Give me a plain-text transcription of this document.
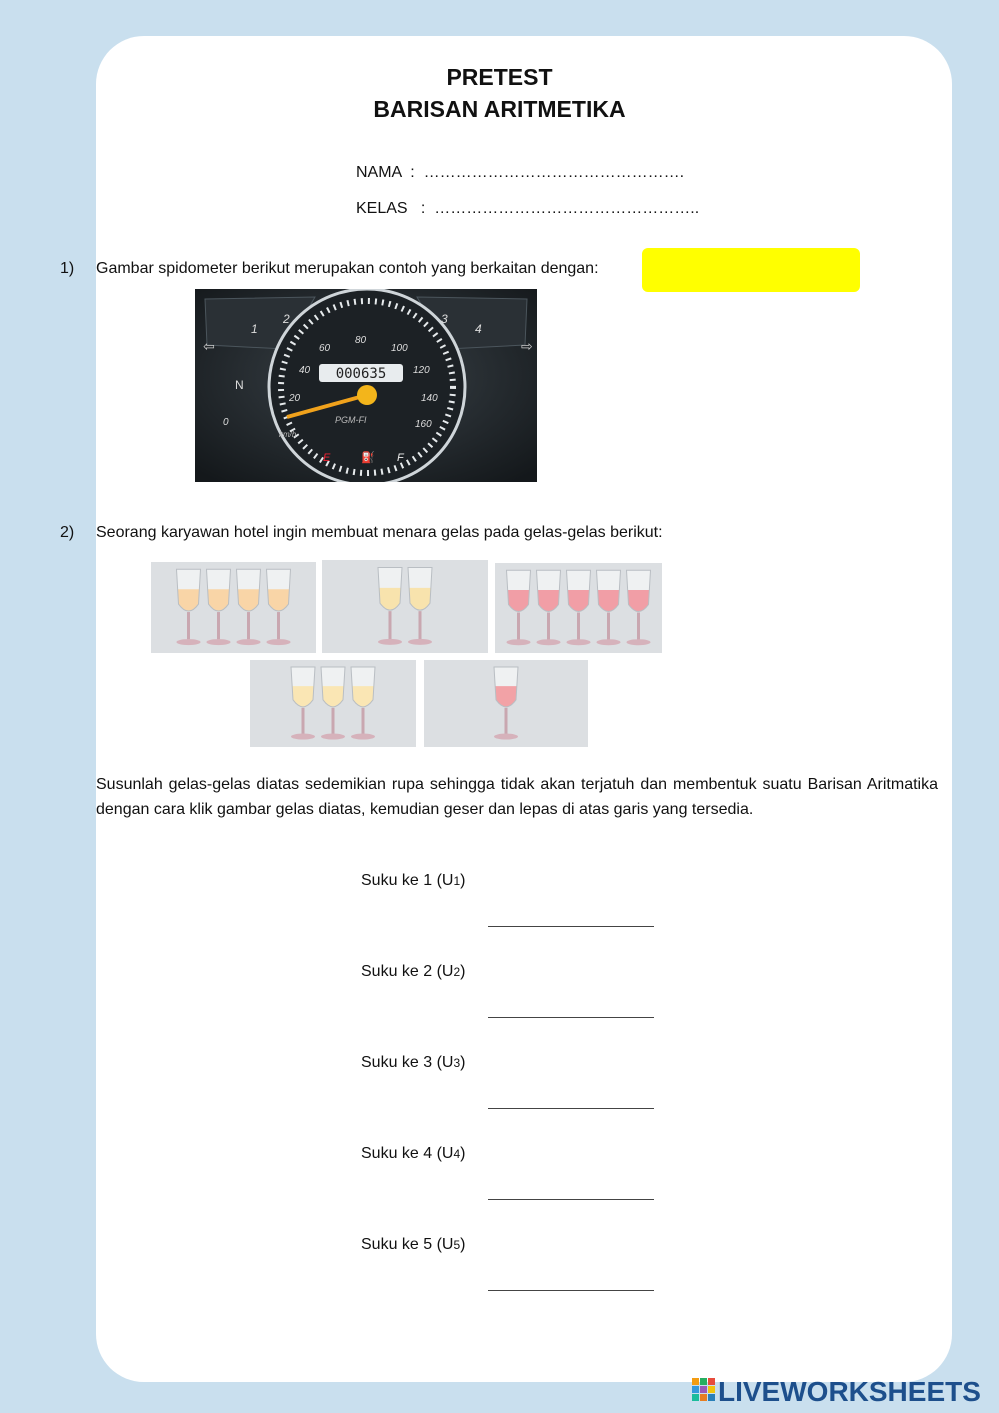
PRETEST
BARISAN ARITMETIKA
NAMA  :  ………………………………………….
KELAS   :  …………………………………………..
1) Gambar spidometer berikut merupakan contoh yang berkaitan dengan:
000635
0
20
40
60
80
100
120
140
160
PGM-FI
km/h
N
1
2	3
4
⇦	⇨
E	F
⛽
2) Seorang karyawan hotel ingin membuat menara gelas pada gelas-gelas berikut:
Susunlah gelas-gelas diatas sedemikian rupa sehingga tidak akan terjatuh dan membentuk suatu Barisan Aritmatika dengan cara klik gambar gelas diatas, kemudian geser dan lepas di atas garis yang tersedia.
Suku ke 1 (U1)
Suku ke 2 (U2)
Suku ke 3 (U3)
Suku ke 4 (U4)
Suku ke 5 (U5)
LIVEWORKSHEETS
